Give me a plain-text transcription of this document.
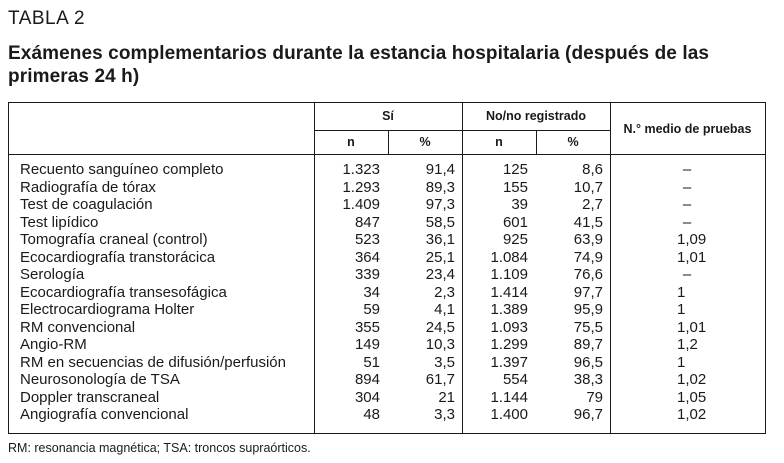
TABLA 2
Exámenes complementarios durante la estancia hospitalaria (después de las primeras 24 h)
Sí	No/no registrado
N.° medio de pruebas
n	%	n	%
Recuento sanguíneo completo	1.323	91,4	125	8,6	–
Radiografía de tórax	1.293	89,3	155	10,7	–
Test de coagulación	1.409	97,3	39	2,7	–
Test lipídico	847	58,5	601	41,5	–
Tomografía craneal (control)	523	36,1	925	63,9	1,09
Ecocardiografía transtorácica	364	25,1	1.084	74,9	1,01
Serología	339	23,4	1.109	76,6	–
Ecocardiografía transesofágica	34	2,3	1.414	97,7	1
Electrocardiograma Holter	59	4,1	1.389	95,9	1
RM convencional	355	24,5	1.093	75,5	1,01
Angio-RM	149	10,3	1.299	89,7	1,2
RM en secuencias de difusión/perfusión	51	3,5	1.397	96,5	1
Neurosonología de TSA	894	61,7	554	38,3	1,02
Doppler transcraneal	304	21	1.144	79	1,05
Angiografía convencional	48	3,3	1.400	96,7	1,02
RM: resonancia magnética; TSA: troncos supraórticos.
